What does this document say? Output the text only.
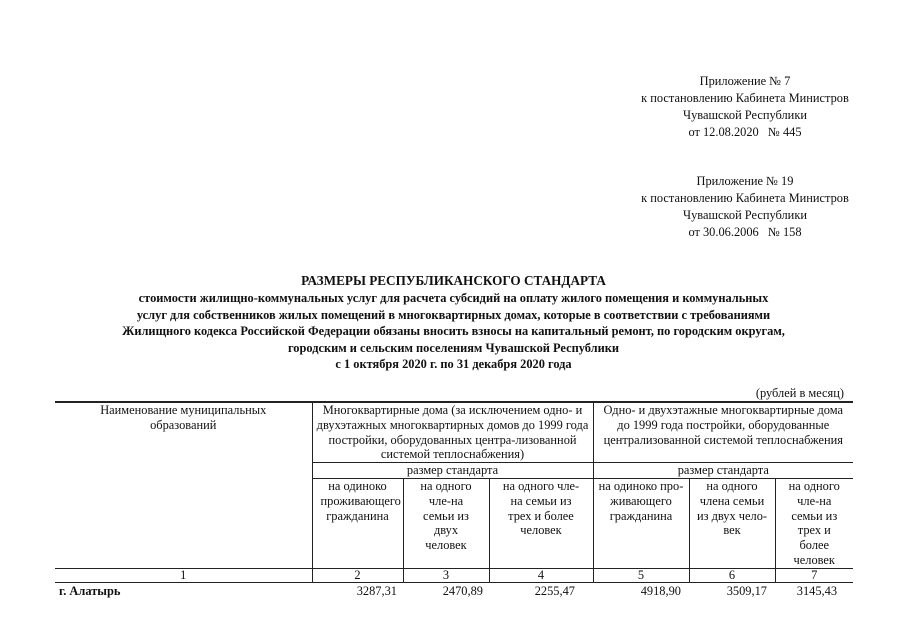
Приложение № 7
к постановлению Кабинета Министров
Чувашской Республики
от 12.08.2020   № 445
Приложение № 19
к постановлению Кабинета Министров
Чувашской Республики
от 30.06.2006   № 158
РАЗМЕРЫ РЕСПУБЛИКАНСКОГО СТАНДАРТА
стоимости жилищно-коммунальных услуг для расчета субсидий на оплату жилого помещения и коммунальных
услуг для собственников жилых помещений в многоквартирных домах, которые в соответствии с требованиями
Жилищного кодекса Российской Федерации обязаны вносить взносы на капитальный ремонт, по городским округам,
городским и сельским поселениям Чувашской Республики
с 1 октября 2020 г. по 31 декабря 2020 года
(рублей в месяц)
Наименование муниципальных образований	Многоквартирные дома (за исключением одно- и двухэтажных многоквартирных домов до 1999 года постройки, оборудованных центра-лизованной системой теплоснабжения)			Одно- и двухэтажные многоквартирные дома до 1999 года постройки, оборудованные централизованной системой теплоснабжения		
	размер стандарта			размер стандарта		
	на одиноко проживающего гражданина	на одного чле-на семьи из двух человек	на одного чле-на семьи из трех и более человек	на одиноко про-живающего гражданина	на одного члена семьи из двух чело-век	на одного чле-на семьи из трех и более человек
1	2	3	4	5	6	7
г. Алатырь	3287,31	2470,89	2255,47	4918,90	3509,17	3145,43
